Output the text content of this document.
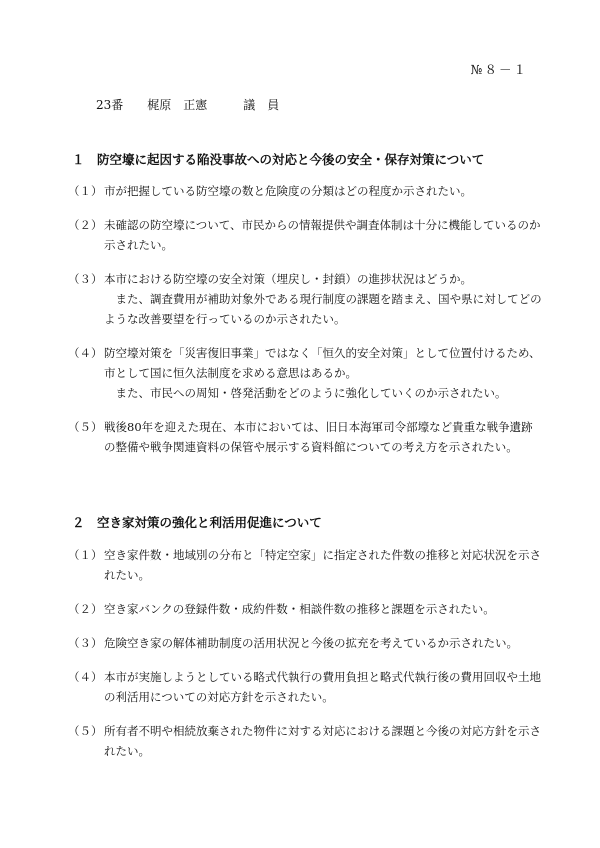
№８－１
23番　　梶原　正憲　　　議　員
１　防空壕に起因する陥没事故への対応と今後の安全・保存対策について
（１） 市が把握している防空壕の数と危険度の分類はどの程度か示されたい。

（２） 未確認の防空壕について、市民からの情報提供や調査体制は十分に機能しているのか示されたい。

（３） 本市における防空壕の安全対策（埋戻し・封鎖）の進捗状況はどうか。

また、調査費用が補助対象外である現行制度の課題を踏まえ、国や県に対してどのような改善要望を行っているのか示されたい。

（４） 防空壕対策を「災害復旧事業」ではなく「恒久的安全対策」として位置付けるため、市として国に恒久法制度を求める意思はあるか。

また、市民への周知・啓発活動をどのように強化していくのか示されたい。

（５） 戦後80年を迎えた現在、本市においては、旧日本海軍司令部壕など貴重な戦争遺跡の整備や戦争関連資料の保管や展示する資料館についての考え方を示されたい。

２　空き家対策の強化と利活用促進について
（１） 空き家件数・地域別の分布と「特定空家」に指定された件数の推移と対応状況を示されたい。

（２） 空き家バンクの登録件数・成約件数・相談件数の推移と課題を示されたい。

（３） 危険空き家の解体補助制度の活用状況と今後の拡充を考えているか示されたい。

（４） 本市が実施しようとしている略式代執行の費用負担と略式代執行後の費用回収や土地の利活用についての対応方針を示されたい。

（５） 所有者不明や相続放棄された物件に対する対応における課題と今後の対応方針を示されたい。
